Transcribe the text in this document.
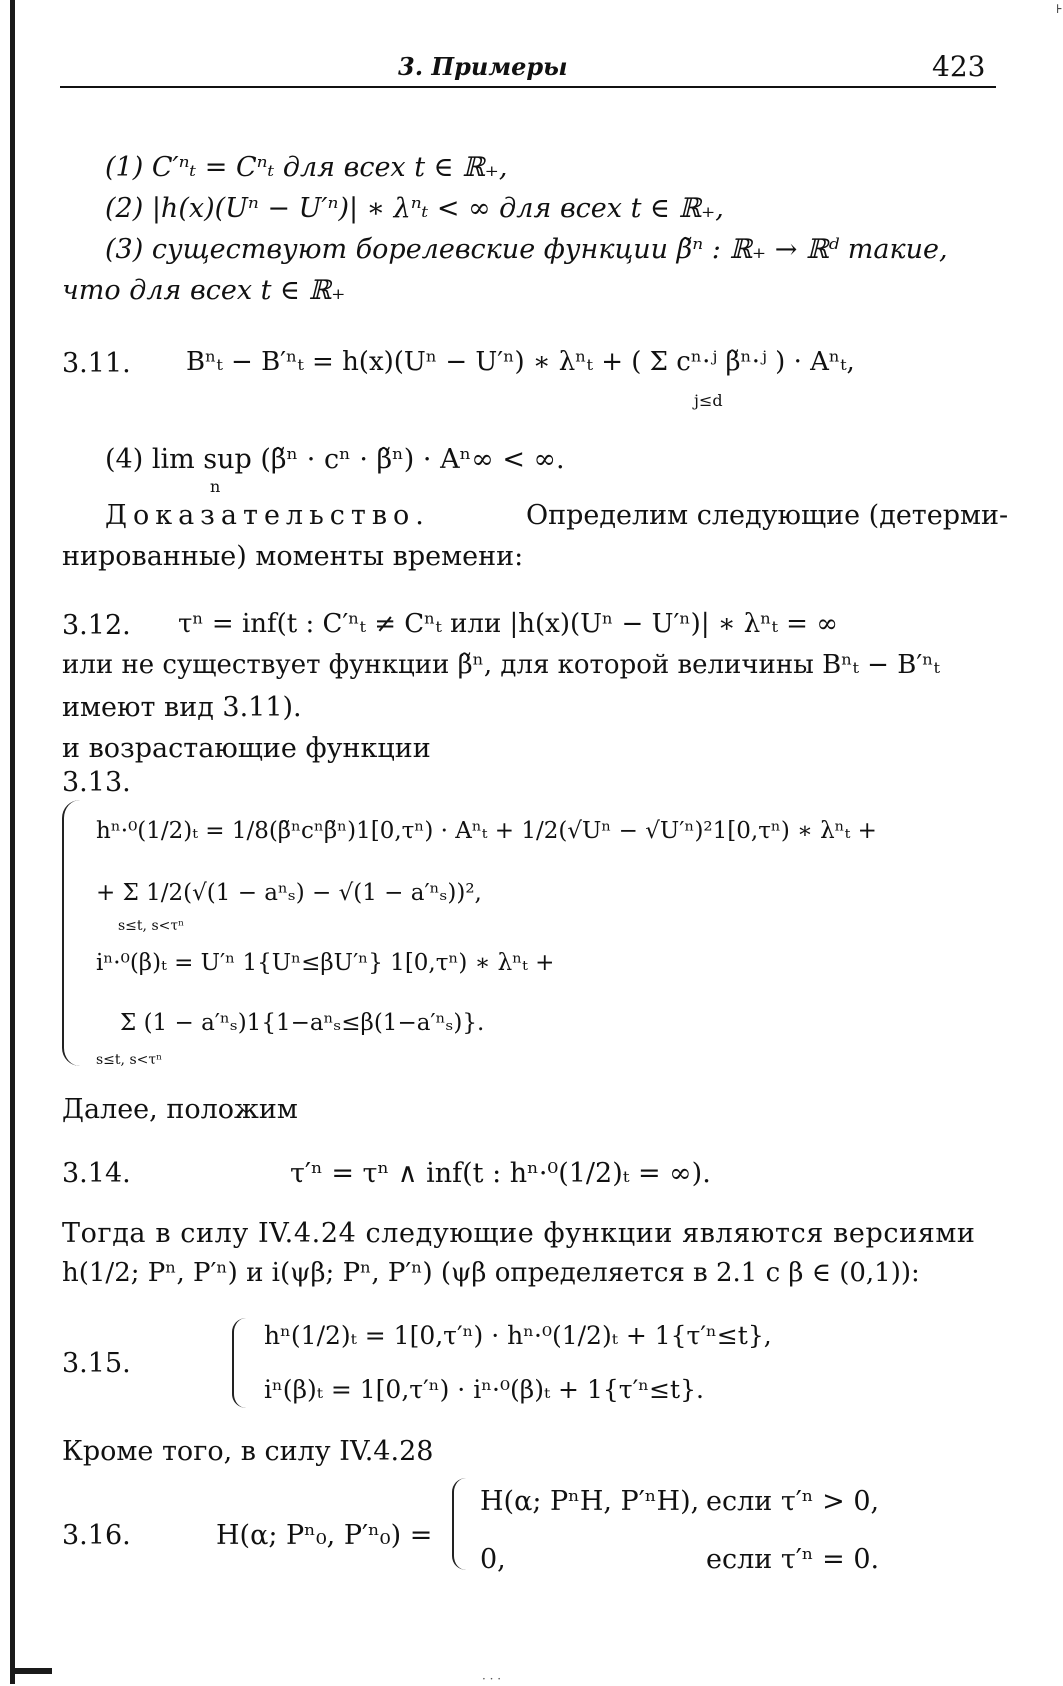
⊦
3. Примеры	423
(1) C′ⁿₜ = Cⁿₜ для всех t ∈ ℝ₊,
(2) |h(x)(Uⁿ − U′ⁿ)| ∗ λⁿₜ < ∞ для всех t ∈ ℝ₊,
(3) существуют борелевские функции β̃ⁿ : ℝ₊ → ℝᵈ такие,
что для всех t ∈ ℝ₊
3.11. Bⁿₜ − B′ⁿₜ = h(x)(Uⁿ − U′ⁿ) ∗ λⁿₜ + ( Σ cⁿ·ʲ β̃ⁿ·ʲ ) · Aⁿₜ,
j≤d
(4) lim sup (β̃ⁿ · cⁿ · β̃ⁿ) · Aⁿ∞ < ∞.
n
Доказательство.	Определим следующие (детерми-
нированные) моменты времени:
3.12. τⁿ = inf(t : C′ⁿₜ ≠ Cⁿₜ или |h(x)(Uⁿ − U′ⁿ)| ∗ λⁿₜ = ∞
или не существует функции β̃ⁿ, для которой величины Bⁿₜ − B′ⁿₜ
имеют вид 3.11).
и возрастающие функции
3.13.
hⁿ·⁰(1/2)ₜ = 1/8(β̃ⁿcⁿβ̃ⁿ)1[0,τⁿ) · Aⁿₜ + 1/2(√Uⁿ − √U′ⁿ)²1[0,τⁿ) ∗ λⁿₜ +
+ Σ 1/2(√(1 − aⁿₛ) − √(1 − a′ⁿₛ))²,
s≤t, s<τⁿ
iⁿ·⁰(β)ₜ = U′ⁿ 1{Uⁿ≤βU′ⁿ} 1[0,τⁿ) ∗ λⁿₜ +
Σ (1 − a′ⁿₛ)1{1−aⁿₛ≤β(1−a′ⁿₛ)}.
s≤t, s<τⁿ
Далее, положим
3.14.	τ′ⁿ = τⁿ ∧ inf(t : hⁿ·⁰(1/2)ₜ = ∞).
Тогда в силу IV.4.24 следующие функции являются версиями
h(1/2; Pⁿ, P′ⁿ) и i(ψβ; Pⁿ, P′ⁿ) (ψβ определяется в 2.1 с β ∈ (0,1)):
3.15.
hⁿ(1/2)ₜ = 1[0,τ′ⁿ) · hⁿ·⁰(1/2)ₜ + 1{τ′ⁿ≤t},
iⁿ(β)ₜ = 1[0,τ′ⁿ) · iⁿ·⁰(β)ₜ + 1{τ′ⁿ≤t}.
Кроме того, в силу IV.4.28
3.16.	H(α; Pⁿ₀, P′ⁿ₀) =
H(α; PⁿH, P′ⁿH), если τ′ⁿ > 0,
0,	если τ′ⁿ = 0.
· · ·
